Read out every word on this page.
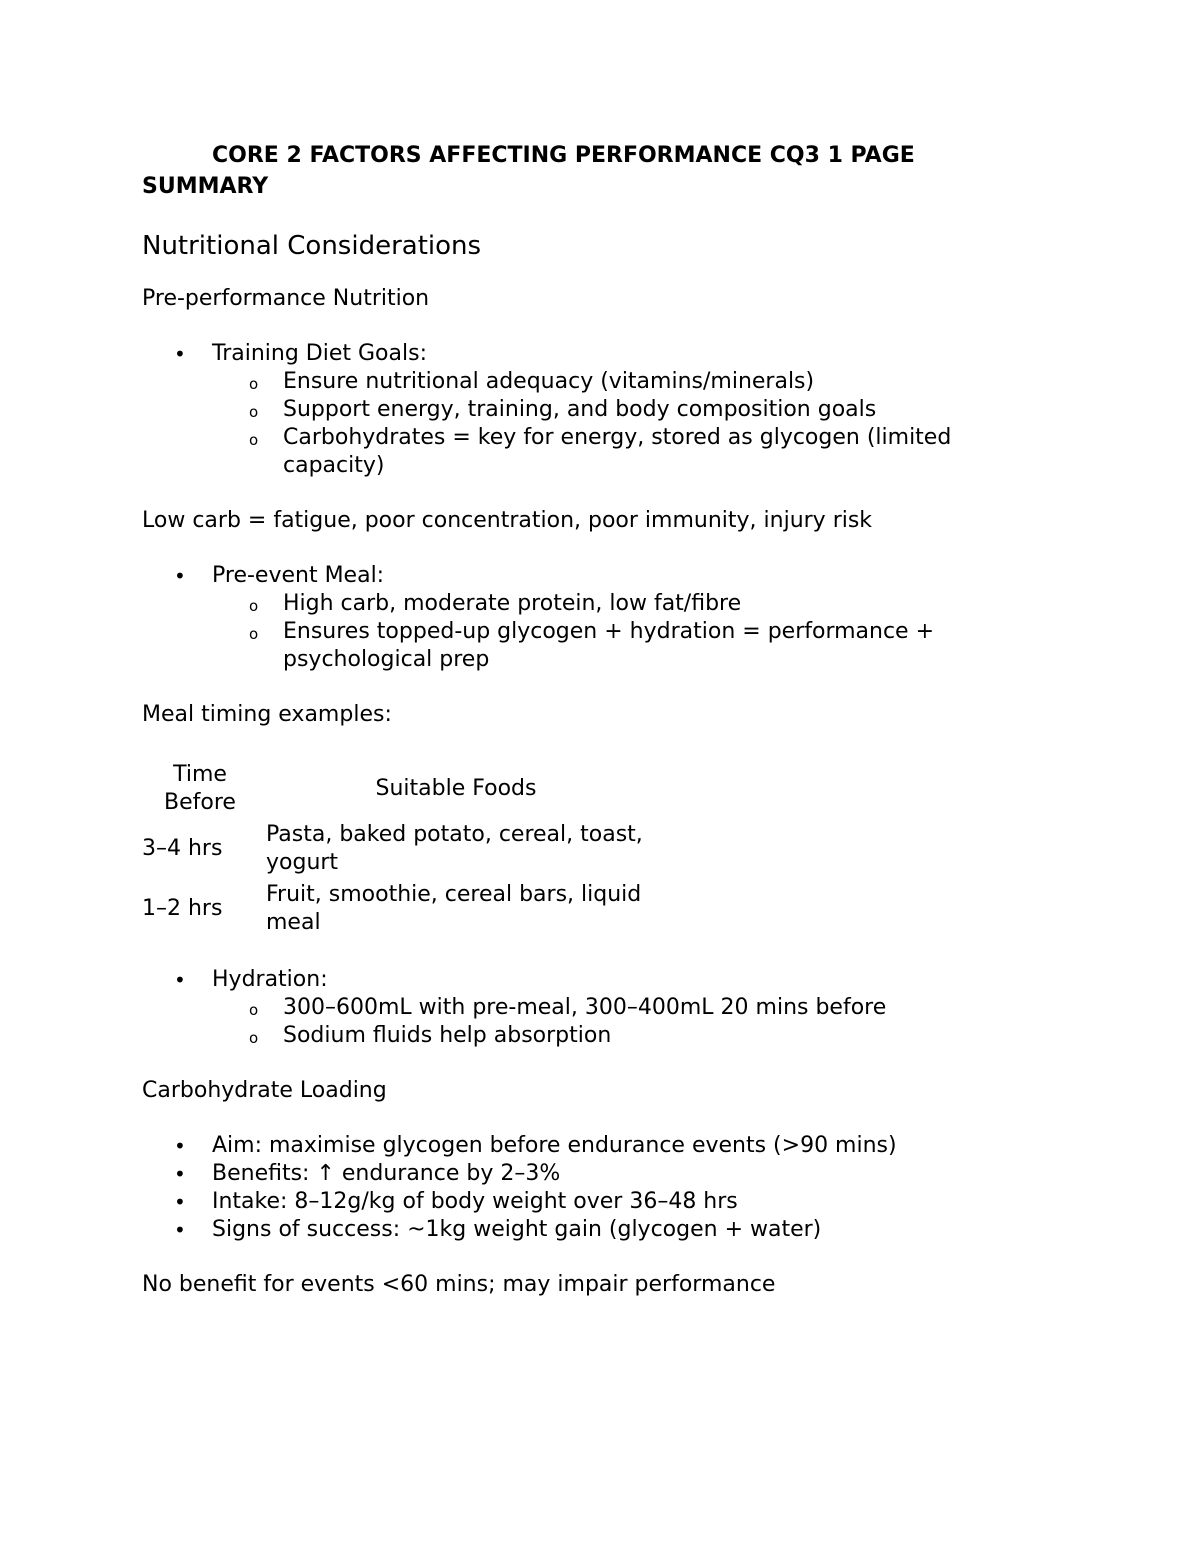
CORE 2 FACTORS AFFECTING PERFORMANCE CQ3 1 PAGE SUMMARY

Nutritional Considerations
Pre-performance Nutrition
• Training Diet Goals:
o Ensure nutritional adequacy (vitamins/minerals)
o Support energy, training, and body composition goals
o Carbohydrates = key for energy, stored as glycogen (limited capacity)

Low carb = fatigue, poor concentration, poor immunity, injury risk

• Pre-event Meal:
o High carb, moderate protein, low fat/fibre
o Ensures topped-up glycogen + hydration = performance + psychological prep

Meal timing examples:

Time Before	Suitable Foods
3–4 hrs	Pasta, baked potato, cereal, toast, yogurt
1–2 hrs	Fruit, smoothie, cereal bars, liquid meal
• Hydration:
o 300–600mL with pre-meal, 300–400mL 20 mins before
o Sodium fluids help absorption
Carbohydrate Loading
• Aim: maximise glycogen before endurance events (>90 mins)
• Benefits: ↑ endurance by 2–3%
• Intake: 8–12g/kg of body weight over 36–48 hrs
• Signs of success: ~1kg weight gain (glycogen + water)

No benefit for events <60 mins; may impair performance
